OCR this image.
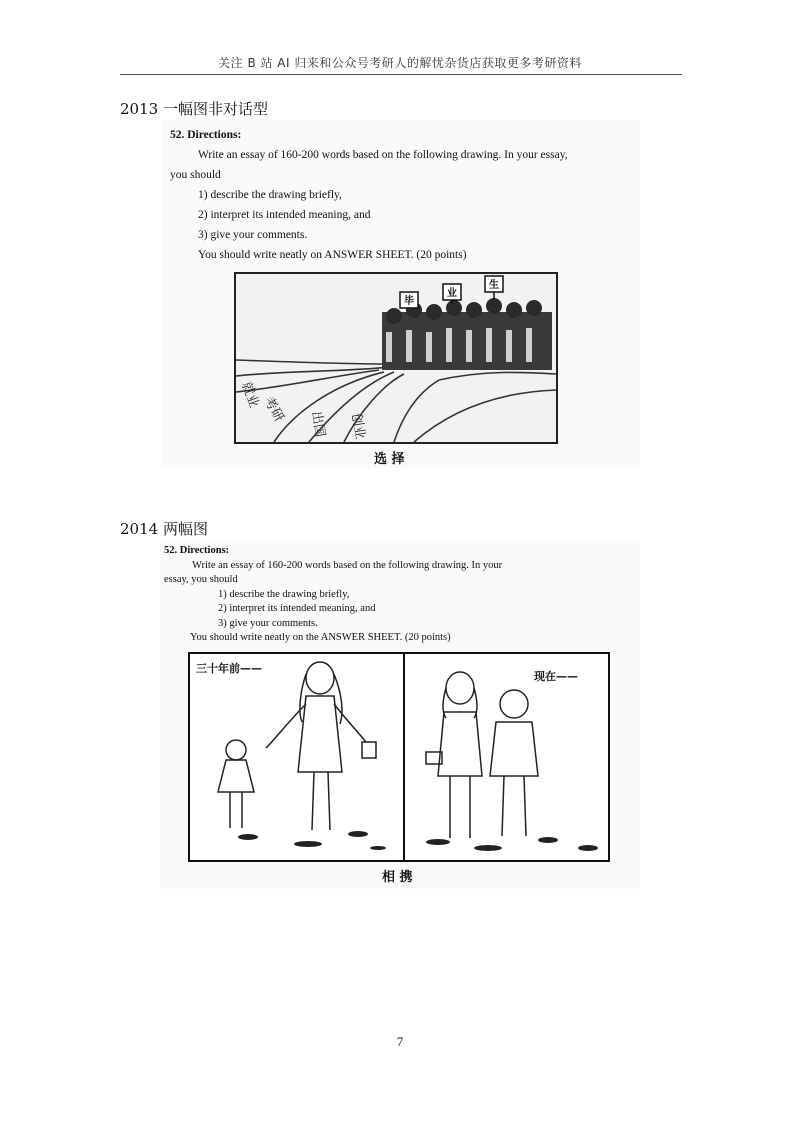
关注 B 站 AI 归来和公众号考研人的解忧杂货店获取更多考研资料
2013 一幅图非对话型
52. Directions:
Write an essay of 160-200 words based on the following drawing. In your essay,
you should
1) describe the drawing briefly,
2) interpret its intended meaning, and
3) give your comments.
You should write neatly on ANSWER SHEET. (20 points)
毕
业
生
就业 考研 出国 创业
选 择
2014 两幅图
52. Directions:
Write an essay of 160-200 words based on the following drawing. In your
essay, you should
1) describe the drawing briefly,
2) interpret its intended meaning, and
3) give your comments.
You should write neatly on the ANSWER SHEET. (20 points)
三十年前——
现在——
相 携
7
